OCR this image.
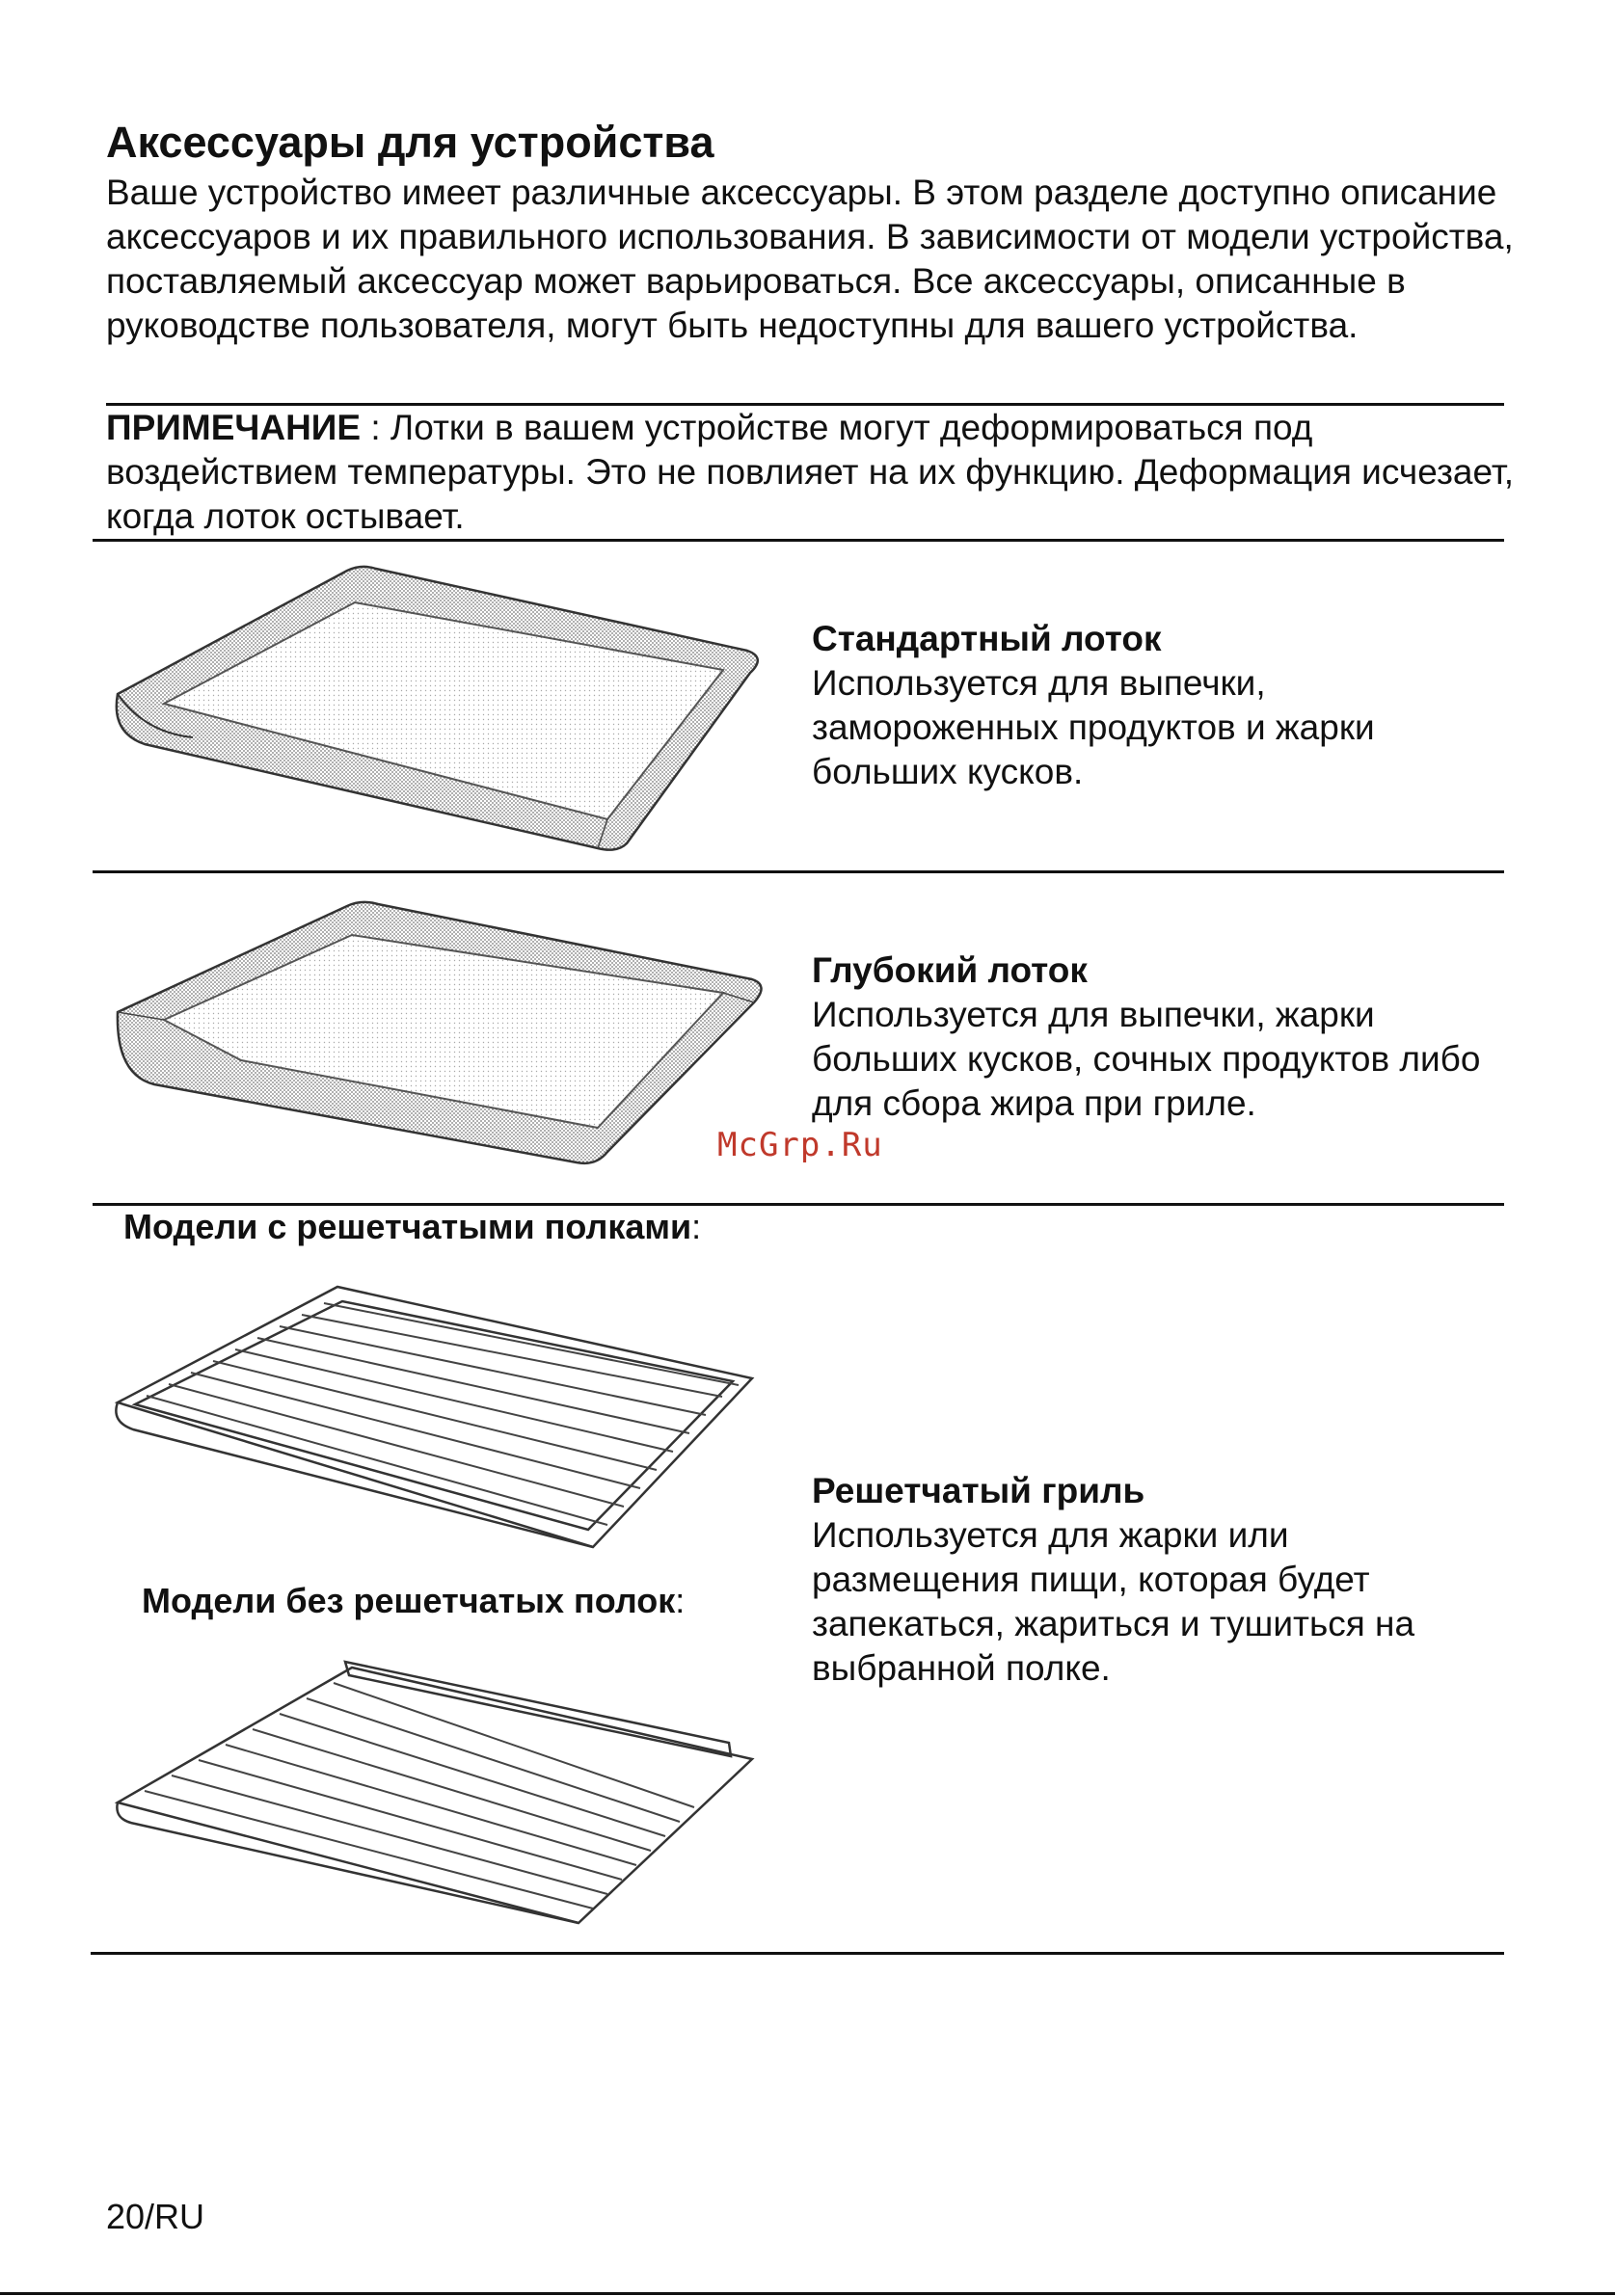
Аксессуары для устройства

Ваше устройство имеет различные аксессуары. В этом разделе доступно описание аксессуаров и их правильного использования. В зависимости от модели устройства, поставляемый аксессуар может варьироваться. Все аксессуары, описанные в руководстве пользователя, могут быть недоступны для вашего устройства.

ПРИМЕЧАНИЕ : Лотки в вашем устройстве могут деформироваться под воздействием температуры. Это не повлияет на их функцию. Деформация исчезает, когда лоток остывает.

Стандартный лоток

Используется для выпечки, замороженных продуктов и жарки больших кусков.

Глубокий лоток

Используется для выпечки, жарки больших кусков, сочных продуктов либо для сбора жира при гриле.

McGrp.Ru

Модели с решетчатыми полками:

Решетчатый гриль

Используется для жарки или размещения пищи, которая будет запекаться, жариться и тушиться на выбранной полке.

Модели без решетчатых полок:

20/RU
